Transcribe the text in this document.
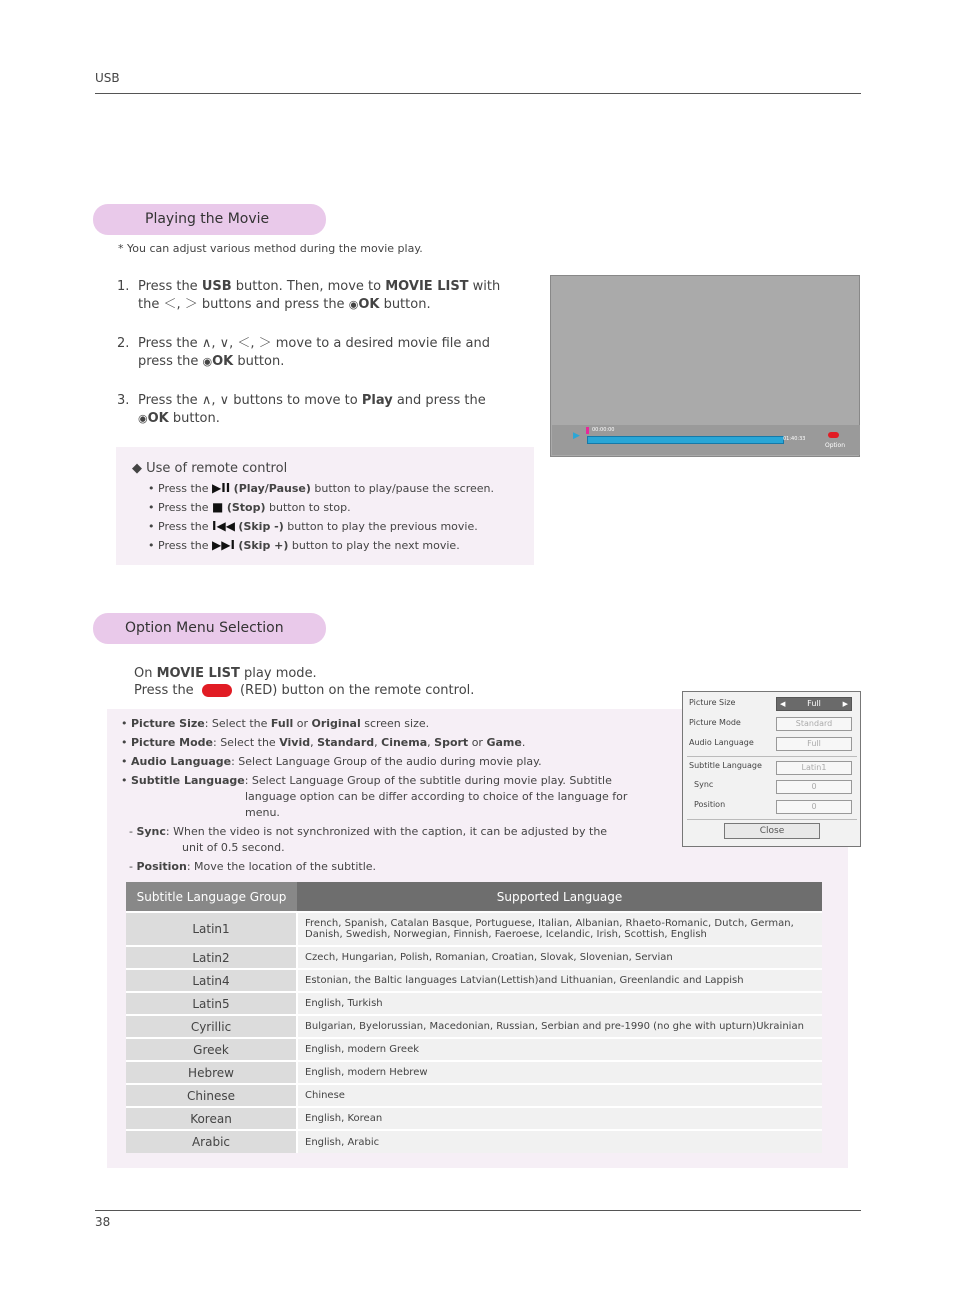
USB
Playing the Movie
* You can adjust various method during the movie play.
1. Press the USB button. Then, move to MOVIE LIST with
the ＜, ＞ buttons and press the ◉OK button.
2. Press the ∧, ∨, ＜, ＞ move to a desired movie file and
press the ◉OK button.
3. Press the ∧, ∨ buttons to move to Play and press the
◉OK button.
◆ Use of remote control
• Press the ▶II (Play/Pause) button to play/pause the screen.
• Press the ■ (Stop) button to stop.
• Press the I◀◀ (Skip -) button to play the previous movie.
• Press the ▶▶I (Skip +) button to play the next movie.
▶
00:00:00
01:40:33
Option
Option Menu Selection
On MOVIE LIST play mode.
Press the	(RED) button on the remote control.
• Picture Size: Select the Full or Original screen size.
• Picture Mode: Select the Vivid, Standard, Cinema, Sport or Game.
• Audio Language: Select Language Group of the audio during movie play.
• Subtitle Language: Select Language Group of the subtitle during movie play. Subtitle language option can be differ according to choice of the language for menu.
- Sync: When the video is not synchronized with the caption, it can be adjusted by the
unit of 0.5 second.
- Position: Move the location of the subtitle.
Picture Size	◀	Full	▶
Picture Mode	Standard
Audio Language	Full
Subtitle Language	Latin1
Sync	0
Position	0
Close
Subtitle Language Group	Supported Language
Latin1	French, Spanish, Catalan Basque, Portuguese, Italian, Albanian, Rhaeto-Romanic, Dutch, German, Danish, Swedish, Norwegian, Finnish, Faeroese, Icelandic, Irish, Scottish, English
Latin2	Czech, Hungarian, Polish, Romanian, Croatian, Slovak, Slovenian, Servian
Latin4	Estonian, the Baltic languages Latvian(Lettish)and Lithuanian, Greenlandic and Lappish
Latin5	English, Turkish
Cyrillic	Bulgarian, Byelorussian, Macedonian, Russian, Serbian and pre-1990 (no ghe with upturn)Ukrainian
Greek	English, modern Greek
Hebrew	English, modern Hebrew
Chinese	Chinese
Korean	English, Korean
Arabic	English, Arabic
38
